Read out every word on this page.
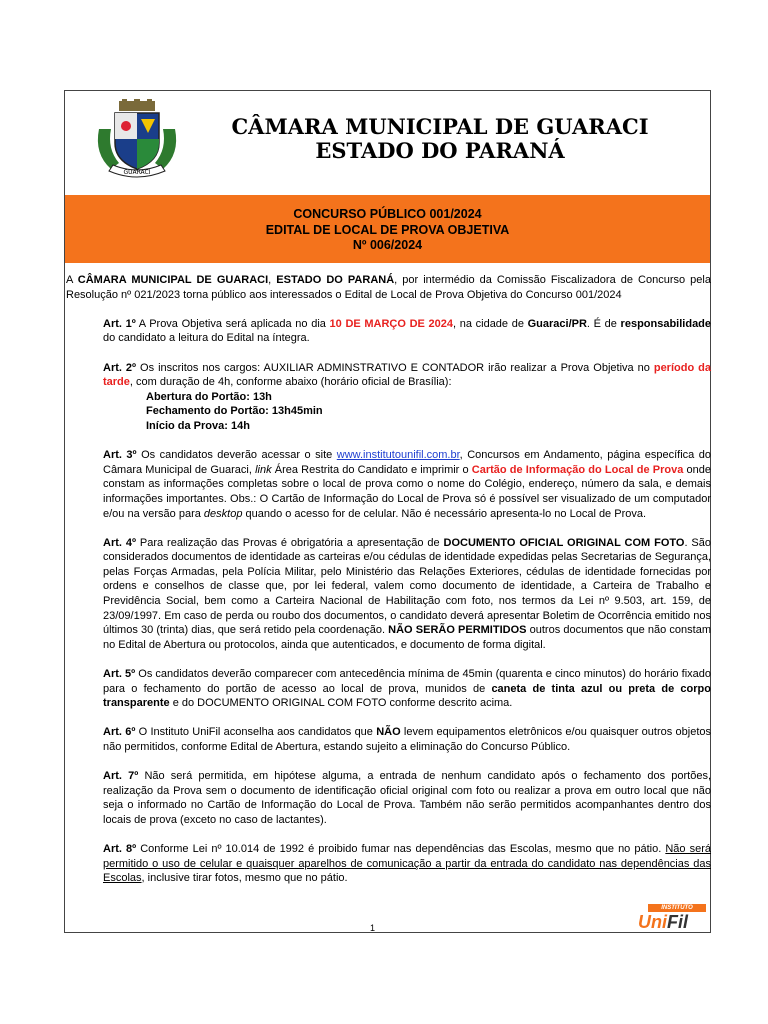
GUARACI
CÂMARA MUNICIPAL DE GUARACI
ESTADO DO PARANÁ
CONCURSO PÚBLICO 001/2024
EDITAL DE LOCAL DE PROVA OBJETIVA
Nº 006/2024

A CÂMARA MUNICIPAL DE GUARACI, ESTADO DO PARANÁ, por intermédio da Comissão Fiscalizadora de Concurso pela Resolução nº 021/2023 torna público aos interessados o Edital de Local de Prova Objetiva do Concurso 001/2024

Art. 1º A Prova Objetiva será aplicada no dia 10 DE MARÇO DE 2024, na cidade de Guaraci/PR. É de responsabilidade do candidato a leitura do Edital na íntegra.

Art. 2º Os inscritos nos cargos: AUXILIAR ADMINSTRATIVO E CONTADOR irão realizar a Prova Objetiva no período da tarde, com duração de 4h, conforme abaixo (horário oficial de Brasília):
Abertura do Portão: 13h
Fechamento do Portão: 13h45min
Início da Prova: 14h

Art. 3º Os candidatos deverão acessar o site www.institutounifil.com.br, Concursos em Andamento, página específica do Câmara Municipal de Guaraci, link Área Restrita do Candidato e imprimir o Cartão de Informação do Local de Prova onde constam as informações completas sobre o local de prova como o nome do Colégio, endereço, número da sala, e demais informações importantes. Obs.: O Cartão de Informação do Local de Prova só é possível ser visualizado de um computador e/ou na versão para desktop quando o acesso for de celular. Não é necessário apresenta-lo no Local de Prova.

Art. 4º Para realização das Provas é obrigatória a apresentação de DOCUMENTO OFICIAL ORIGINAL COM FOTO. São considerados documentos de identidade as carteiras e/ou cédulas de identidade expedidas pelas Secretarias de Segurança, pelas Forças Armadas, pela Polícia Militar, pelo Ministério das Relações Exteriores, cédulas de identidade fornecidas por ordens e conselhos de classe que, por lei federal, valem como documento de identidade, a Carteira de Trabalho e Previdência Social, bem como a Carteira Nacional de Habilitação com foto, nos termos da Lei nº 9.503, art. 159, de 23/09/1997. Em caso de perda ou roubo dos documentos, o candidato deverá apresentar Boletim de Ocorrência emitido nos últimos 30 (trinta) dias, que será retido pela coordenação. NÃO SERÃO PERMITIDOS outros documentos que não constam no Edital de Abertura ou protocolos, ainda que autenticados, e documento de forma digital.

Art. 5º Os candidatos deverão comparecer com antecedência mínima de 45min (quarenta e cinco minutos) do horário fixado para o fechamento do portão de acesso ao local de prova, munidos de caneta de tinta azul ou preta de corpo transparente e do DOCUMENTO ORIGINAL COM FOTO conforme descrito acima.

Art. 6º O Instituto UniFil aconselha aos candidatos que NÃO levem equipamentos eletrônicos e/ou quaisquer outros objetos não permitidos, conforme Edital de Abertura, estando sujeito a eliminação do Concurso Público.

Art. 7º Não será permitida, em hipótese alguma, a entrada de nenhum candidato após o fechamento dos portões, realização da Prova sem o documento de identificação oficial original com foto ou realizar a prova em outro local que não seja o informado no Cartão de Informação do Local de Prova. Também não serão permitidos acompanhantes dentro dos locais de prova (exceto no caso de lactantes).

Art. 8º Conforme Lei nº 10.014 de 1992 é proibido fumar nas dependências das Escolas, mesmo que no pátio. Não será permitido o uso de celular e quaisquer aparelhos de comunicação a partir da entrada do candidato nas dependências das Escolas, inclusive tirar fotos, mesmo que no pátio.

1
INSTITUTO
UniFil
